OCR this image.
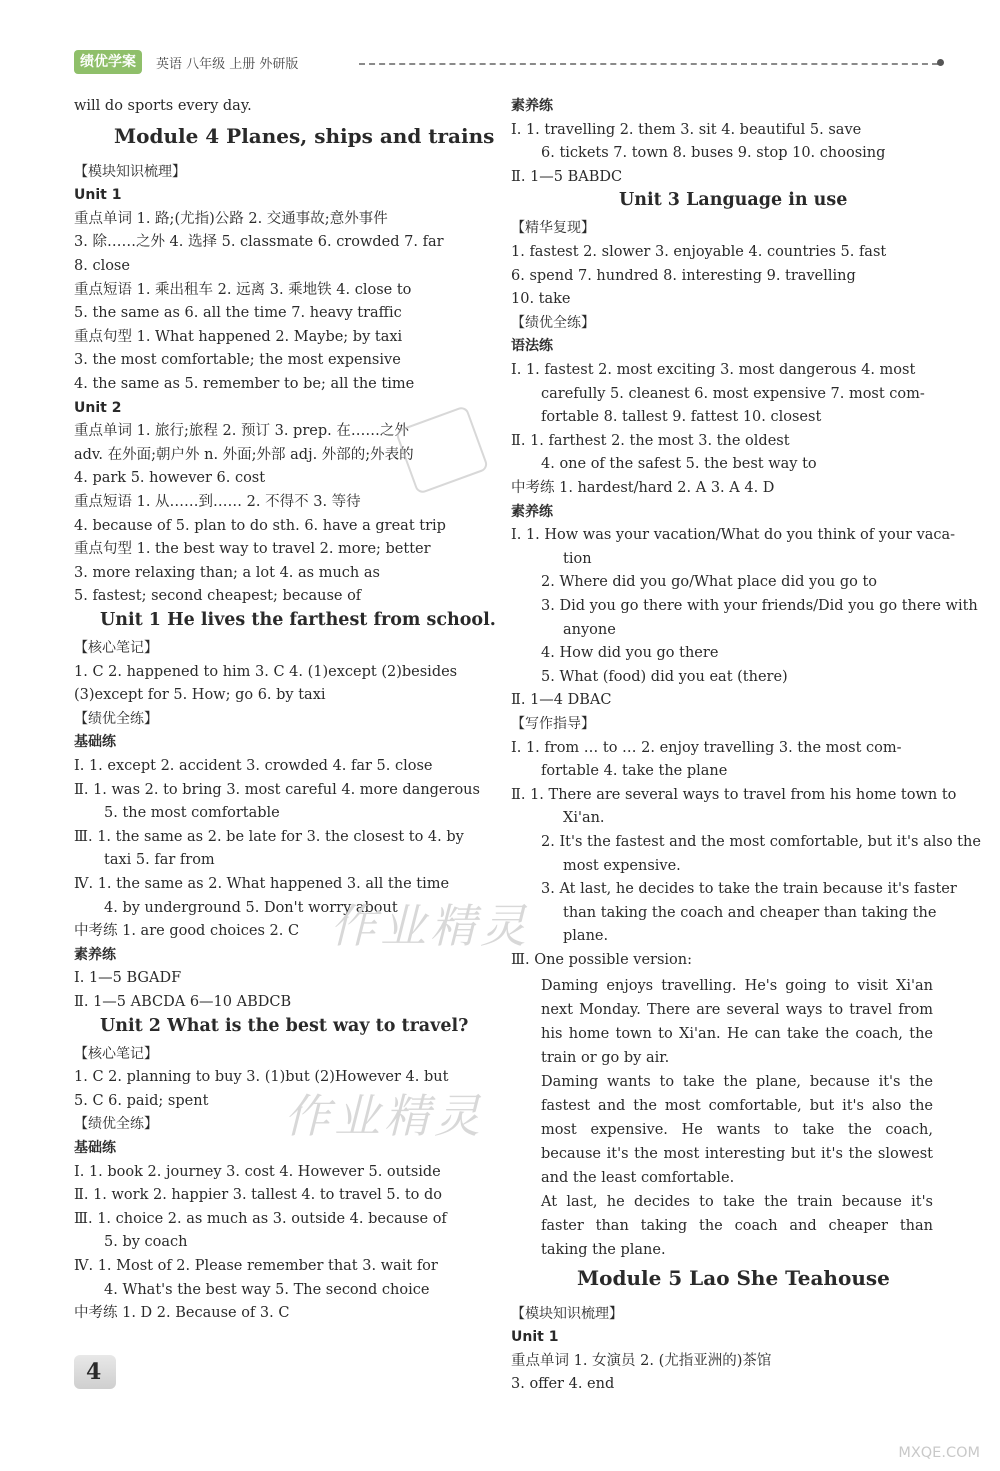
绩优学案	英语 八年级 上册 外研版
will do sports every day.
Module 4 Planes, ships and trains
【模块知识梳理】
Unit 1
重点单词 1. 路;(尤指)公路 2. 交通事故;意外事件
3. 除……之外 4. 选择 5. classmate 6. crowded 7. far
8. close
重点短语 1. 乘出租车 2. 远离 3. 乘地铁 4. close to
5. the same as 6. all the time 7. heavy traffic
重点句型 1. What happened 2. Maybe; by taxi
3. the most comfortable; the most expensive
4. the same as 5. remember to be; all the time
Unit 2
重点单词 1. 旅行;旅程 2. 预订 3. prep. 在……之外
adv. 在外面;朝户外 n. 外面;外部 adj. 外部的;外表的
4. park 5. however 6. cost
重点短语 1. 从……到…… 2. 不得不 3. 等待
4. because of 5. plan to do sth. 6. have a great trip
重点句型 1. the best way to travel 2. more; better
3. more relaxing than; a lot 4. as much as
5. fastest; second cheapest; because of
Unit 1 He lives the farthest from school.
【核心笔记】
1. C 2. happened to him 3. C 4. (1)except (2)besides
(3)except for 5. How; go 6. by taxi
【绩优全练】
基础练
Ⅰ. 1. except 2. accident 3. crowded 4. far 5. close
Ⅱ. 1. was 2. to bring 3. most careful 4. more dangerous
5. the most comfortable
Ⅲ. 1. the same as 2. be late for 3. the closest to 4. by
taxi 5. far from
Ⅳ. 1. the same as 2. What happened 3. all the time
4. by underground 5. Don't worry about
中考练 1. are good choices 2. C
素养练
Ⅰ. 1—5 BGADF
Ⅱ. 1—5 ABCDA 6—10 ABDCB
Unit 2 What is the best way to travel?
【核心笔记】
1. C 2. planning to buy 3. (1)but (2)However 4. but
5. C 6. paid; spent
【绩优全练】
基础练
Ⅰ. 1. book 2. journey 3. cost 4. However 5. outside
Ⅱ. 1. work 2. happier 3. tallest 4. to travel 5. to do
Ⅲ. 1. choice 2. as much as 3. outside 4. because of
5. by coach
Ⅳ. 1. Most of 2. Please remember that 3. wait for
4. What's the best way 5. The second choice
中考练 1. D 2. Because of 3. C
素养练
Ⅰ. 1. travelling 2. them 3. sit 4. beautiful 5. save
6. tickets 7. town 8. buses 9. stop 10. choosing
Ⅱ. 1—5 BABDC
Unit 3 Language in use
【精华复现】
1. fastest 2. slower 3. enjoyable 4. countries 5. fast
6. spend 7. hundred 8. interesting 9. travelling
10. take
【绩优全练】
语法练
Ⅰ. 1. fastest 2. most exciting 3. most dangerous 4. most
carefully 5. cleanest 6. most expensive 7. most com-
fortable 8. tallest 9. fattest 10. closest
Ⅱ. 1. farthest 2. the most 3. the oldest
4. one of the safest 5. the best way to
中考练 1. hardest/hard 2. A 3. A 4. D
素养练
Ⅰ. 1. How was your vacation/What do you think of your vaca-
tion
2. Where did you go/What place did you go to
3. Did you go there with your friends/Did you go there with
anyone
4. How did you go there
5. What (food) did you eat (there)
Ⅱ. 1—4 DBAC
【写作指导】
Ⅰ. 1. from … to … 2. enjoy travelling 3. the most com-
fortable 4. take the plane
Ⅱ. 1. There are several ways to travel from his home town to
Xi'an.
2. It's the fastest and the most comfortable, but it's also the
most expensive.
3. At last, he decides to take the train because it's faster
than taking the coach and cheaper than taking the
plane.
Ⅲ. One possible version:
Daming enjoys travelling. He's going to visit Xi'an next Monday. There are several ways to travel from his home town to Xi'an. He can take the coach, the train or go by air.
Daming wants to take the plane, because it's the fastest and the most comfortable, but it's also the most expensive. He wants to take the coach, because it's the most interesting but it's the slowest and the least comfortable.
At last, he decides to take the train because it's faster than taking the coach and cheaper than taking the plane.
Module 5 Lao She Teahouse
【模块知识梳理】
Unit 1
重点单词 1. 女演员 2. (尤指亚洲的)茶馆
3. offer 4. end
作业精灵
作业精灵
4
MXQE.COM
